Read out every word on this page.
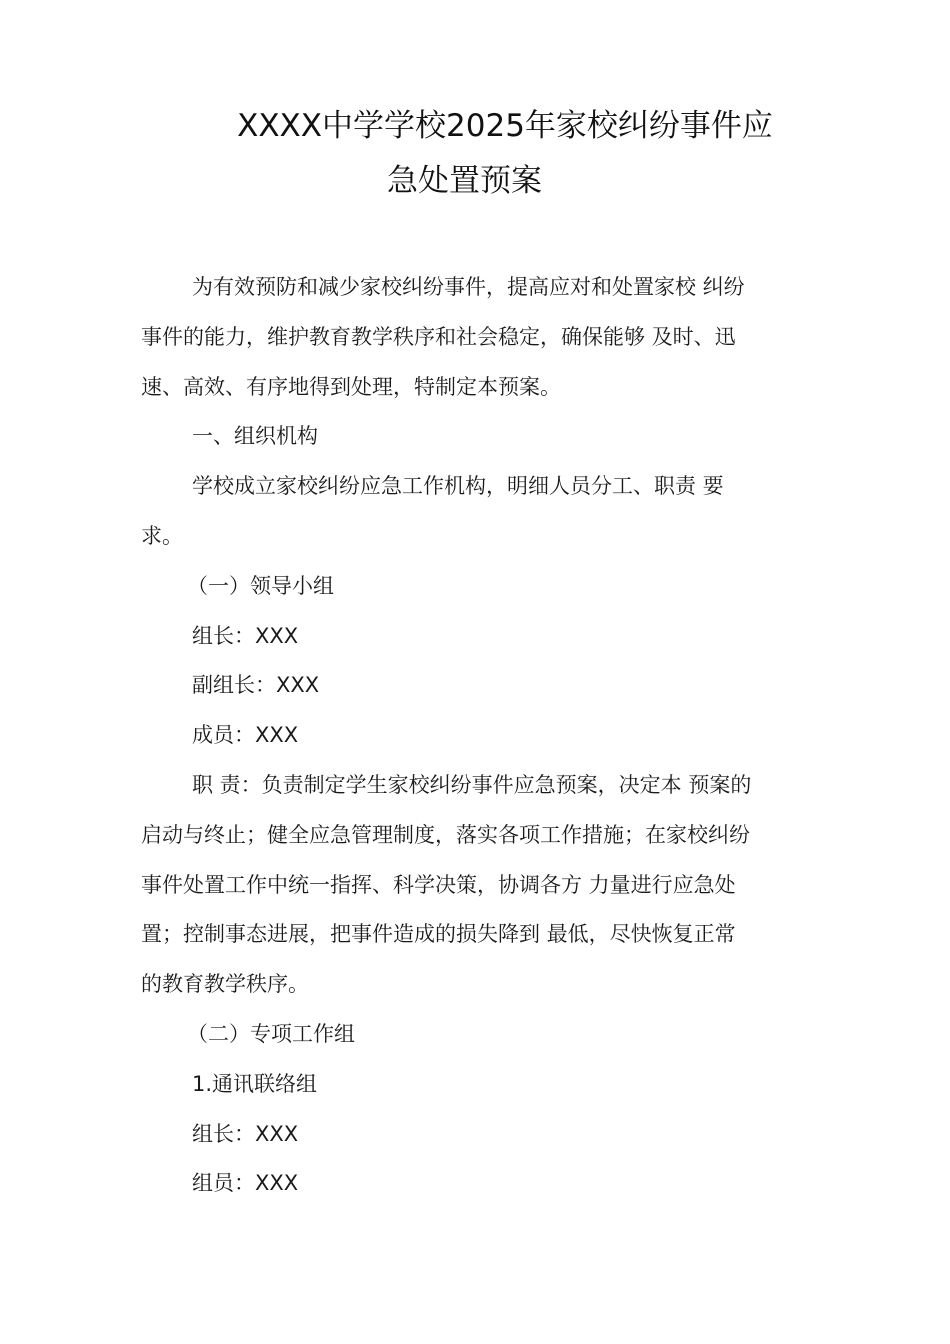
XXXX中学学校2025年家校纠纷事件应
急处置预案
为有效预防和减少家校纠纷事件，提高应对和处置家校 纠纷
事件的能力，维护教育教学秩序和社会稳定，确保能够 及时、迅
速、高效、有序地得到处理，特制定本预案。
一、组织机构
学校成立家校纠纷应急工作机构，明细人员分工、职责 要
求。
（一）领导小组
组长：XXX
副组长：XXX
成员：XXX
职 责：负责制定学生家校纠纷事件应急预案，决定本 预案的
启动与终止；健全应急管理制度，落实各项工作措施；在家校纠纷
事件处置工作中统一指挥、科学决策，协调各方 力量进行应急处
置；控制事态进展，把事件造成的损失降到 最低，尽快恢复正常
的教育教学秩序。
（二）专项工作组
1.通讯联络组
组长：XXX
组员：XXX
